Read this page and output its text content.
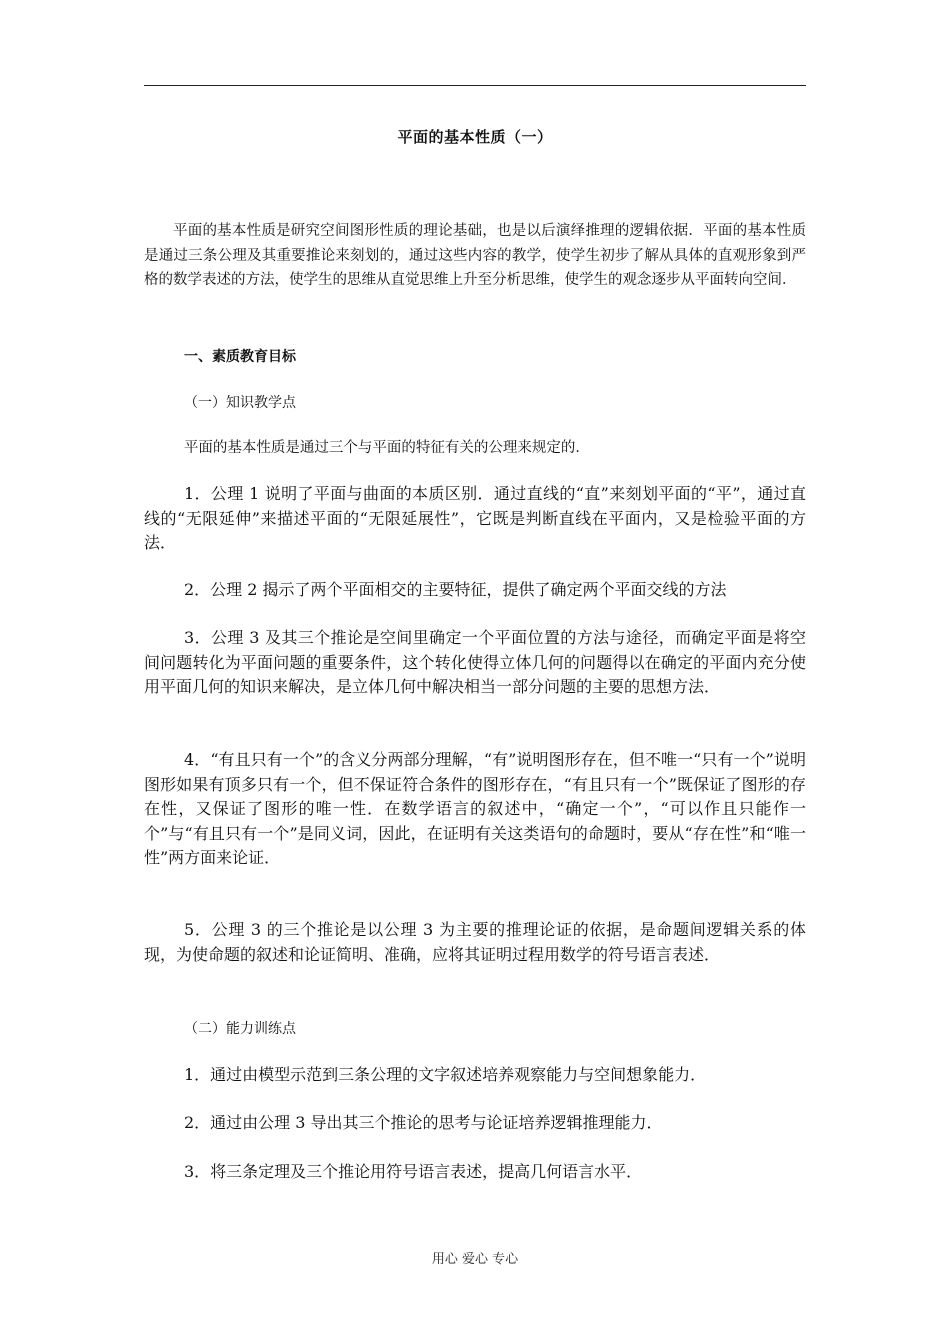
平面的基本性质（一）

平面的基本性质是研究空间图形性质的理论基础，也是以后演绎推理的逻辑依据．平面的基本性质是通过三条公理及其重要推论来刻划的，通过这些内容的教学，使学生初步了解从具体的直观形象到严格的数学表述的方法，使学生的思维从直觉思维上升至分析思维，使学生的观念逐步从平面转向空间．

一、素质教育目标
（一）知识教学点
平面的基本性质是通过三个与平面的特征有关的公理来规定的．

1．公理 1 说明了平面与曲面的本质区别．通过直线的“直”来刻划平面的“平”，通过直线的“无限延伸”来描述平面的“无限延展性”，它既是判断直线在平面内，又是检验平面的方法．

2．公理 2 揭示了两个平面相交的主要特征，提供了确定两个平面交线的方法

3．公理 3 及其三个推论是空间里确定一个平面位置的方法与途径，而确定平面是将空间问题转化为平面问题的重要条件，这个转化使得立体几何的问题得以在确定的平面内充分使用平面几何的知识来解决，是立体几何中解决相当一部分问题的主要的思想方法．

4．“有且只有一个”的含义分两部分理解，“有”说明图形存在，但不唯一“只有一个”说明图形如果有顶多只有一个，但不保证符合条件的图形存在，“有且只有一个”既保证了图形的存在性，又保证了图形的唯一性．在数学语言的叙述中，“确定一个”，“可以作且只能作一个”与“有且只有一个”是同义词，因此，在证明有关这类语句的命题时，要从“存在性”和“唯一性”两方面来论证．

5．公理 3 的三个推论是以公理 3 为主要的推理论证的依据，是命题间逻辑关系的体现，为使命题的叙述和论证简明、准确，应将其证明过程用数学的符号语言表述．

（二）能力训练点

1．通过由模型示范到三条公理的文字叙述培养观察能力与空间想象能力．

2．通过由公理 3 导出其三个推论的思考与论证培养逻辑推理能力．

3．将三条定理及三个推论用符号语言表述，提高几何语言水平．

用心 爱心 专心
